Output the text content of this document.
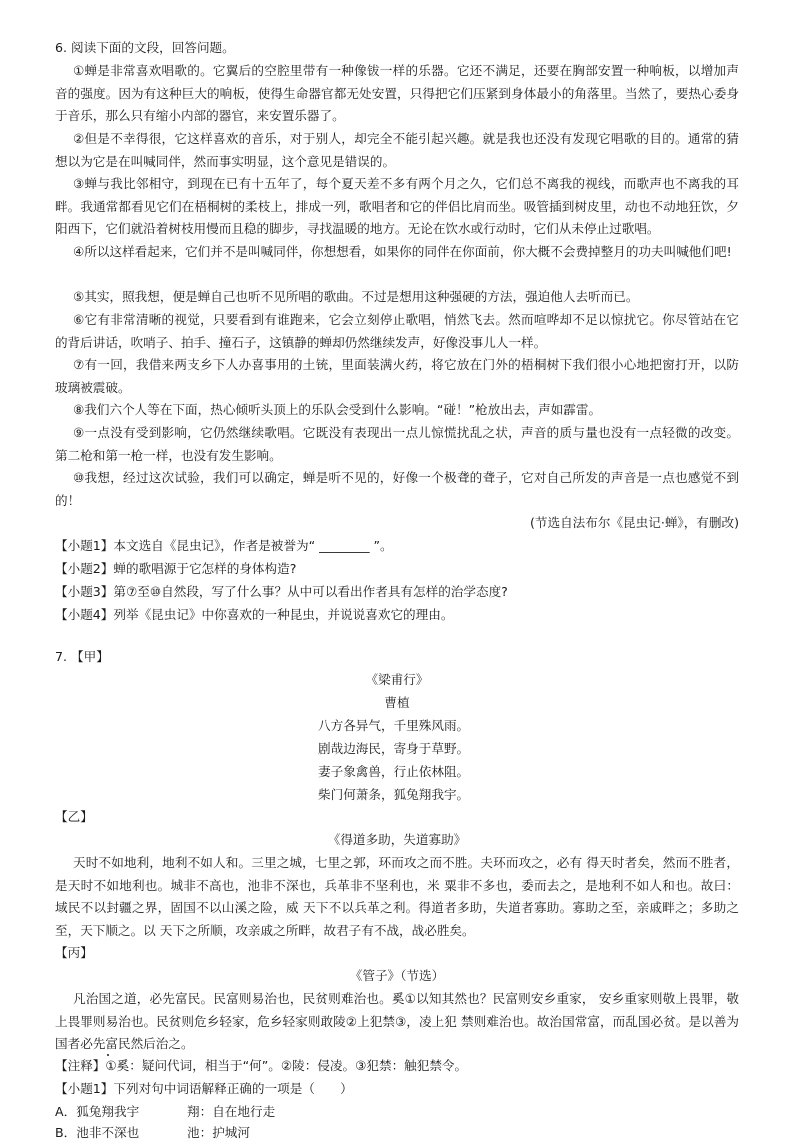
6. 阅读下面的文段，回答问题。

①蝉是非常喜欢唱歌的。它翼后的空腔里带有一种像钹一样的乐器。它还不满足，还要在胸部安置一种响板，以增加声音的强度。因为有这种巨大的响板，使得生命器官都无处安置，只得把它们压紧到身体最小的角落里。当然了，要热心委身于音乐，那么只有缩小内部的器官，来安置乐器了。

②但是不幸得很，它这样喜欢的音乐，对于别人，却完全不能引起兴趣。就是我也还没有发现它唱歌的目的。通常的猜想以为它是在叫喊同伴，然而事实明显，这个意见是错误的。

③蝉与我比邻相守，到现在已有十五年了，每个夏天差不多有两个月之久，它们总不离我的视线，而歌声也不离我的耳畔。我通常都看见它们在梧桐树的柔枝上，排成一列，歌唱者和它的伴侣比肩而坐。吸管插到树皮里，动也不动地狂饮，夕阳西下，它们就沿着树枝用慢而且稳的脚步，寻找温暖的地方。无论在饮水或行动时，它们从未停止过歌唱。

④所以这样看起来，它们并不是叫喊同伴，你想想看，如果你的同伴在你面前，你大概不会费掉整月的功夫叫喊他们吧!

⑤其实，照我想，便是蝉自己也听不见所唱的歌曲。不过是想用这种强硬的方法，强迫他人去听而已。

⑥它有非常清晰的视觉，只要看到有谁跑来，它会立刻停止歌唱，悄然飞去。然而喧哗却不足以惊扰它。你尽管站在它的背后讲话，吹哨子、拍手、撞石子，这镇静的蝉却仍然继续发声，好像没事儿人一样。

⑦有一回，我借来两支乡下人办喜事用的土铳，里面装满火药，将它放在门外的梧桐树下我们很小心地把窗打开，以防玻璃被震破。

⑧我们六个人等在下面，热心倾听头顶上的乐队会受到什么影响。“碰！”枪放出去，声如霹雷。

⑨一点没有受到影响，它仍然继续歌唱。它既没有表现出一点儿惊慌扰乱之状，声音的质与量也没有一点轻微的改变。第二枪和第一枪一样，也没有发生影响。

⑩我想，经过这次试验，我们可以确定，蝉是听不见的，好像一个极聋的聋子，它对自己所发的声音是一点也感觉不到的！

(节选自法布尔《昆虫记·蝉》，有删改)

【小题1】本文选自《昆虫记》，作者是被誉为“ ________ ”。

【小题2】蝉的歌唱源于它怎样的身体构造?

【小题3】第⑦至⑩自然段，写了什么事？从中可以看出作者具有怎样的治学态度?

【小题4】列举《昆虫记》中你喜欢的一种昆虫，并说说喜欢它的理由。

7. 【甲】

《梁甫行》

曹植

八方各异气，千里殊风雨。

剧哉边海民，寄身于草野。

妻子象禽兽，行止依林阻。

柴门何萧条，狐兔翔我宇。

【乙】

《得道多助，失道寡助》

天时不如地利，地利不如人和。三里之城，七里之郭，环而攻之而不胜。夫环而攻之，必有 得天时者矣，然而不胜者，是天时不如地利也。城非不高也，池非不深也，兵革非不坚利也，米 粟非不多也，委而去之，是地利不如人和也。故曰：域民不以封疆之界，固国不以山溪之险，威 天下不以兵革之利。得道者多助，失道者寡助。寡助之至，亲戚畔之；多助之至，天下顺之。以 天下之所顺，攻亲戚之所畔，故君子有不战，战必胜矣。

【丙】

《管子》（节选）

凡治国之道，必先富民。民富则易治也，民贫则难治也。奚①以知其然也？民富则安乡重家， 安乡重家则敬上畏罪，敬上畏罪则易治也。民贫则危乡轻家，危乡轻家则敢陵②上犯禁③，凌上犯 禁则难治也。故治国常富，而乱国必贫。是以善为国者必先富民然后治之。

【注释】①奚：疑问代词，相当于“何”。②陵：侵凌。③犯禁：触犯禁令。

【小题1】下列对句中词语解释正确的一项是（　　）

A．狐兔翔我宇	翔：自在地行走

B．池非不深也	池：护城河
